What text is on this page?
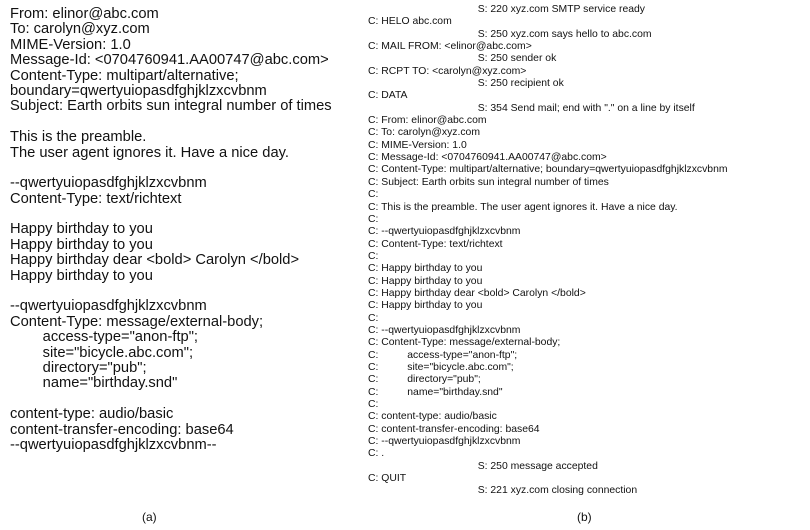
From: elinor@abc.com
To: carolyn@xyz.com
MIME-Version: 1.0
Message-Id: <0704760941.AA00747@abc.com>
Content-Type: multipart/alternative;
boundary=qwertyuiopasdfghjklzxcvbnm
Subject: Earth orbits sun integral number of times
This is the preamble.
The user agent ignores it. Have a nice day.
--qwertyuiopasdfghjklzxcvbnm
Content-Type: text/richtext
Happy birthday to you
Happy birthday to you
Happy birthday dear <bold> Carolyn </bold>
Happy birthday to you
--qwertyuiopasdfghjklzxcvbnm
Content-Type: message/external-body;
access-type="anon-ftp";
site="bicycle.abc.com";
directory="pub";
name="birthday.snd"
content-type: audio/basic
content-transfer-encoding: base64
--qwertyuiopasdfghjklzxcvbnm--
S: 220 xyz.com SMTP service ready
C: HELO abc.com
S: 250 xyz.com says hello to abc.com
C: MAIL FROM: <elinor@abc.com>
S: 250 sender ok
C: RCPT TO: <carolyn@xyz.com>
S: 250 recipient ok
C: DATA
S: 354 Send mail; end with "." on a line by itself
C: From: elinor@abc.com
C: To: carolyn@xyz.com
C: MIME-Version: 1.0
C: Message-Id: <0704760941.AA00747@abc.com>
C: Content-Type: multipart/alternative; boundary=qwertyuiopasdfghjklzxcvbnm
C: Subject: Earth orbits sun integral number of times
C:
C: This is the preamble. The user agent ignores it. Have a nice day.
C:
C: --qwertyuiopasdfghjklzxcvbnm
C: Content-Type: text/richtext
C:
C: Happy birthday to you
C: Happy birthday to you
C: Happy birthday dear <bold> Carolyn </bold>
C: Happy birthday to you
C:
C: --qwertyuiopasdfghjklzxcvbnm
C: Content-Type: message/external-body;
C:          access-type="anon-ftp";
C:          site="bicycle.abc.com";
C:          directory="pub";
C:          name="birthday.snd"
C:
C: content-type: audio/basic
C: content-transfer-encoding: base64
C: --qwertyuiopasdfghjklzxcvbnm
C: .
S: 250 message accepted
C: QUIT
S: 221 xyz.com closing connection
(a)	(b)
